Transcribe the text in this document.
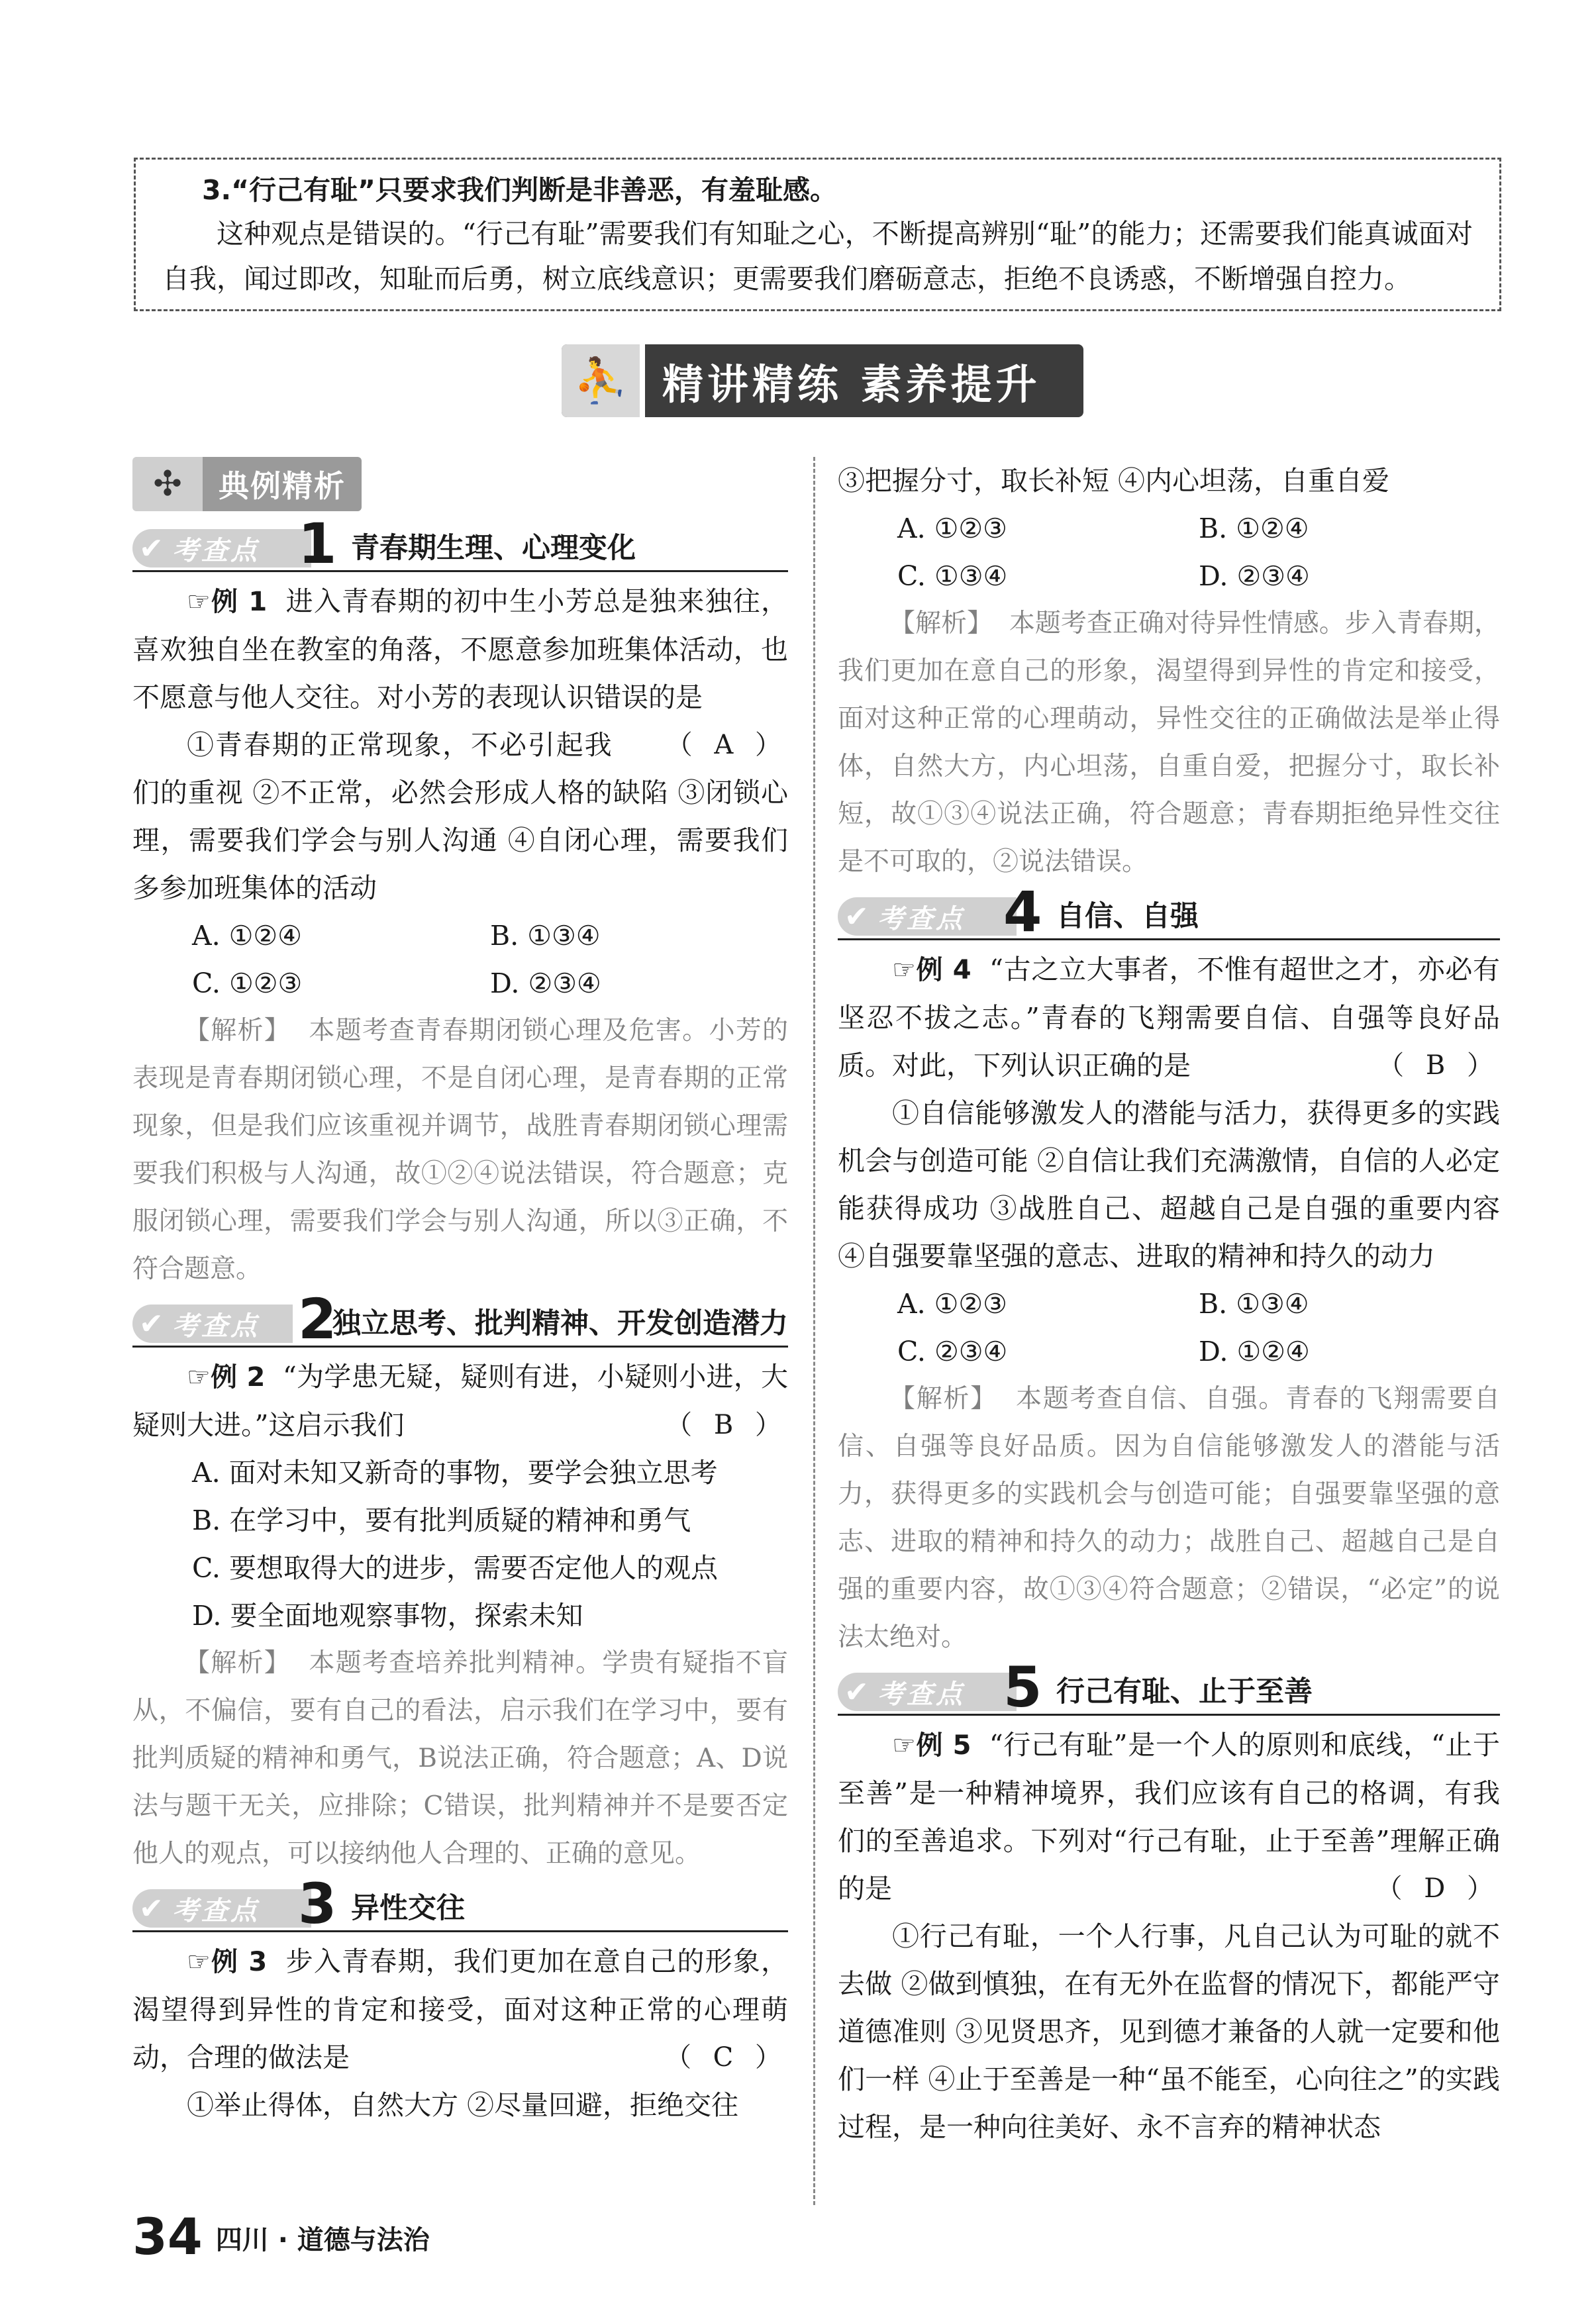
3.“行己有耻”只要求我们判断是非善恶，有羞耻感。
这种观点是错误的。“行己有耻”需要我们有知耻之心，不断提高辨别“耻”的能力；还需要我们能真诚面对自我，闻过即改，知耻而后勇，树立底线意识；更需要我们磨砺意志，拒绝不良诱惑，不断增强自控力。
⛹ 精讲精练 素养提升
✣	典例精析
✔ 考查点 1 青春期生理、心理变化
☞例 1 进入青春期的初中生小芳总是独来独往，喜欢独自坐在教室的角落，不愿意参加班集体活动，也不愿意与他人交往。对小芳的表现认识错误的是
（ A ）
①青春期的正常现象，不必引起我们的重视 ②不正常，必然会形成人格的缺陷 ③闭锁心理，需要我们学会与别人沟通 ④自闭心理，需要我们多参加班集体的活动
A. ①②④	B. ①③④
C. ①②③	D. ②③④
【解析】 本题考查青春期闭锁心理及危害。小芳的表现是青春期闭锁心理，不是自闭心理，是青春期的正常现象，但是我们应该重视并调节，战胜青春期闭锁心理需要我们积极与人沟通，故①②④说法错误，符合题意；克服闭锁心理，需要我们学会与别人沟通，所以③正确，不符合题意。
✔ 考查点 2
独立思考、批判精神、开发创造潜力
☞例 2 “为学患无疑，疑则有进，小疑则小进，大疑则大进。”这启示我们	（ B ）
A. 面对未知又新奇的事物，要学会独立思考
B. 在学习中，要有批判质疑的精神和勇气
C. 要想取得大的进步，需要否定他人的观点
D. 要全面地观察事物，探索未知
【解析】 本题考查培养批判精神。学贵有疑指不盲从，不偏信，要有自己的看法，启示我们在学习中，要有批判质疑的精神和勇气，B说法正确，符合题意；A、D说法与题干无关，应排除；C错误，批判精神并不是要否定他人的观点，可以接纳他人合理的、正确的意见。
✔ 考查点 3 异性交往
☞例 3 步入青春期，我们更加在意自己的形象，渴望得到异性的肯定和接受，面对这种正常的心理萌动，合理的做法是	（ C ）
①举止得体，自然大方 ②尽量回避，拒绝交往
③把握分寸，取长补短 ④内心坦荡，自重自爱
A. ①②③	B. ①②④
C. ①③④	D. ②③④
【解析】 本题考查正确对待异性情感。步入青春期，我们更加在意自己的形象，渴望得到异性的肯定和接受，面对这种正常的心理萌动，异性交往的正确做法是举止得体，自然大方，内心坦荡，自重自爱，把握分寸，取长补短，故①③④说法正确，符合题意；青春期拒绝异性交往是不可取的，②说法错误。
✔ 考查点 4 自信、自强
☞例 4 “古之立大事者，不惟有超世之才，亦必有坚忍不拔之志。”青春的飞翔需要自信、自强等良好品质。对此，下列认识正确的是	（ B ）
①自信能够激发人的潜能与活力，获得更多的实践机会与创造可能 ②自信让我们充满激情，自信的人必定能获得成功 ③战胜自己、超越自己是自强的重要内容 ④自强要靠坚强的意志、进取的精神和持久的动力
A. ①②③	B. ①③④
C. ②③④	D. ①②④
【解析】 本题考查自信、自强。青春的飞翔需要自信、自强等良好品质。因为自信能够激发人的潜能与活力，获得更多的实践机会与创造可能；自强要靠坚强的意志、进取的精神和持久的动力；战胜自己、超越自己是自强的重要内容，故①③④符合题意；②错误，“必定”的说法太绝对。
✔ 考查点 5 行己有耻、止于至善
☞例 5 “行己有耻”是一个人的原则和底线，“止于至善”是一种精神境界，我们应该有自己的格调，有我们的至善追求。下列对“行己有耻，止于至善”理解正确的是	（ D ）
①行己有耻，一个人行事，凡自己认为可耻的就不去做 ②做到慎独，在有无外在监督的情况下，都能严守道德准则 ③见贤思齐，见到德才兼备的人就一定要和他们一样 ④止于至善是一种“虽不能至，心向往之”的实践过程，是一种向往美好、永不言弃的精神状态
34 四川 · 道德与法治
